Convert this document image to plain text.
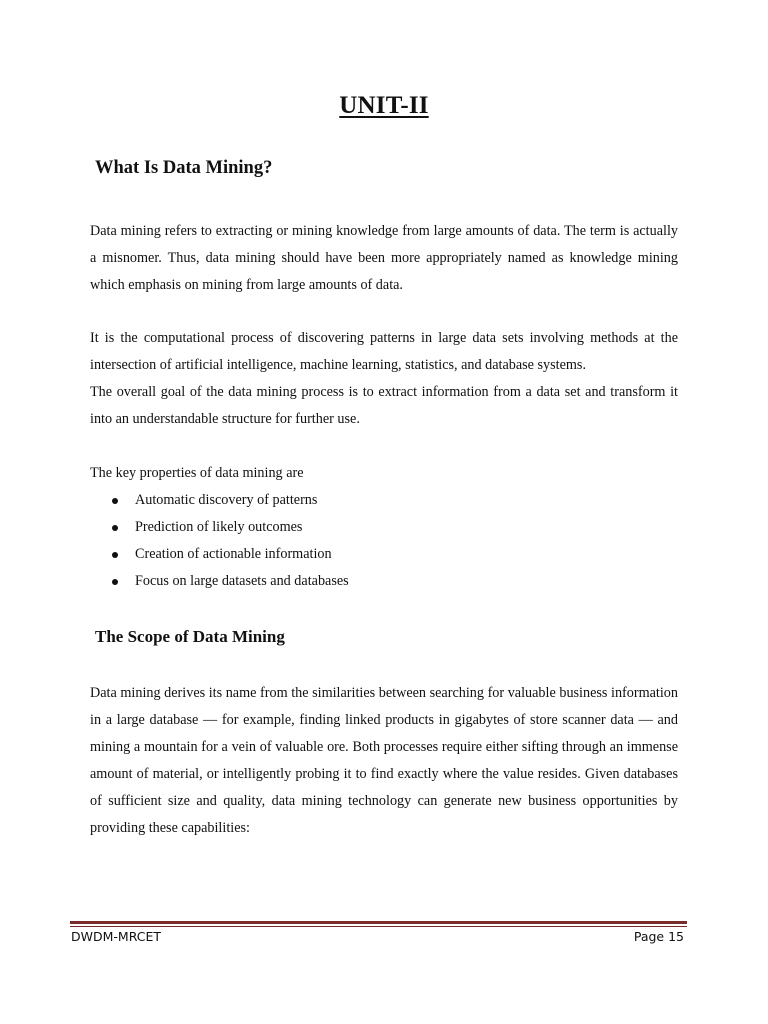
UNIT-II
What Is Data Mining?

Data mining refers to extracting or mining knowledge from large amounts of data. The term is actually a misnomer. Thus, data mining should have been more appropriately named as knowledge mining which emphasis on mining from large amounts of data.

It is the computational process of discovering patterns in large data sets involving methods at the intersection of artificial intelligence, machine learning, statistics, and database systems.

The overall goal of the data mining process is to extract information from a data set and transform it into an understandable structure for further use.

The key properties of data mining are

Automatic discovery of patterns
Prediction of likely outcomes
Creation of actionable information
Focus on large datasets and databases
The Scope of Data Mining

Data mining derives its name from the similarities between searching for valuable business information in a large database — for example, finding linked products in gigabytes of store scanner data — and mining a mountain for a vein of valuable ore. Both processes require either sifting through an immense amount of material, or intelligently probing it to find exactly where the value resides. Given databases of sufficient size and quality, data mining technology can generate new business opportunities by providing these capabilities:

DWDM-MRCET	Page 15
